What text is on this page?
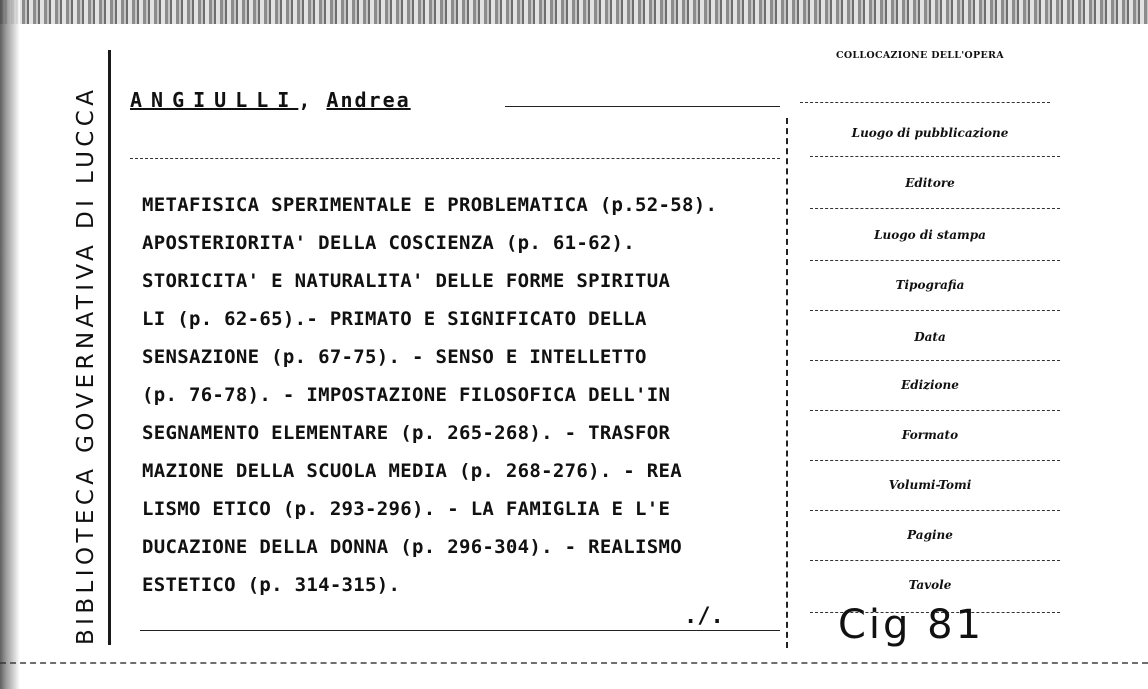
BIBLIOTECA GOVERNATIVA DI LUCCA
COLLOCAZIONE DELL'OPERA
ANGIULLI, Andrea
METAFISICA SPERIMENTALE E PROBLEMATICA (p.52-58).
APOSTERIORITA' DELLA COSCIENZA (p. 61-62).
STORICITA' E NATURALITA' DELLE FORME SPIRITUA
LI (p. 62-65).- PRIMATO E SIGNIFICATO DELLA
SENSAZIONE (p. 67-75). - SENSO E INTELLETTO
(p. 76-78). - IMPOSTAZIONE FILOSOFICA DELL'IN
SEGNAMENTO ELEMENTARE (p. 265-268). - TRASFOR
MAZIONE DELLA SCUOLA MEDIA (p. 268-276). - REA
LISMO ETICO (p. 293-296). - LA FAMIGLIA E L'E
DUCAZIONE DELLA DONNA (p. 296-304). - REALISMO
ESTETICO (p. 314-315).
./.
Luogo di pubblicazione
Editore
Luogo di stampa
Tipografia
Data
Edizione
Formato
Volumi-Tomi
Pagine
Tavole
Cig 81
